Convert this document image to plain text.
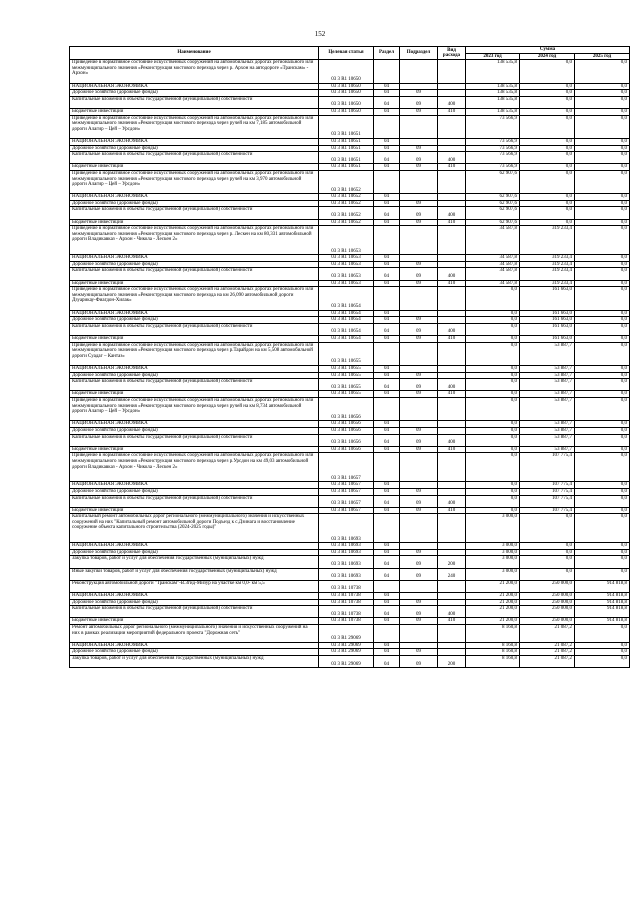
152
Наименование	Целевая статья	Раздел	Подраздел	Вид расхода	Сумма		
					2023 год	2024 год	2025 год
Приведение в нормативное состояние искусственных сооружений на автомобильных дорогах регионального или межмуниципального значения «Реконструкция мостового перехода через р. Архон на автодороге «Транскам» - Архон»	03 3 R1 10650				138 535,8	0,0	0,0
НАЦИОНАЛЬНАЯ ЭКОНОМИКА	03 3 R1 10650	04			138 535,8	0,0	0,0
Дорожное хозяйство (дорожные фонды)	03 3 R1 10650	04	09		138 535,8	0,0	0,0
Капитальные вложения в объекты государственной (муниципальной) собственности	03 3 R1 10650	04	09	400	138 535,8	0,0	0,0
Бюджетные инвестиции	03 3 R1 10650	04	09	410	138 535,8	0,0	0,0
Приведение в нормативное состояние искусственных сооружений на автомобильных дорогах регионального или межмуниципального значения «Реконструкция мостового перехода через ручей на км 7,185 автомобильной дороги Алагир – Цей – Урсдон»	03 3 R1 10651				73 566,9	0,0	0,0
НАЦИОНАЛЬНАЯ ЭКОНОМИКА	03 3 R1 10651	04			73 566,9	0,0	0,0
Дорожное хозяйство (дорожные фонды)	03 3 R1 10651	04	09		73 566,9	0,0	0,0
Капитальные вложения в объекты государственной (муниципальной) собственности	03 3 R1 10651	04	09	400	73 566,9	0,0	0,0
Бюджетные инвестиции	03 3 R1 10651	04	09	410	73 566,9	0,0	0,0
Приведение в нормативное состояние искусственных сооружений на автомобильных дорогах регионального или межмуниципального значения «Реконструкция мостового перехода через ручей на км 3,970 автомобильной дороги Алагир – Цей – Урсдон»	03 3 R1 10652				62 907,6	0,0	0,0
НАЦИОНАЛЬНАЯ ЭКОНОМИКА	03 3 R1 10652	04			62 907,6	0,0	0,0
Дорожное хозяйство (дорожные фонды)	03 3 R1 10652	04	09		62 907,6	0,0	0,0
Капитальные вложения в объекты государственной (муниципальной) собственности	03 3 R1 10652	04	09	400	62 907,6	0,0	0,0
Бюджетные инвестиции	03 3 R1 10652	04	09	410	62 907,6	0,0	0,0
Приведение в нормативное состояние искусственных сооружений на автомобильных дорогах регионального или межмуниципального значения «Реконструкция мостового перехода через р. Лескен на км 80,331 автомобильной дороги Владикавказ - Архон - Чикола - Лескен 2»	03 3 R1 10653				34 587,8	319 233,4	0,0
НАЦИОНАЛЬНАЯ ЭКОНОМИКА	03 3 R1 10653	04			34 587,8	319 233,4	0,0
Дорожное хозяйство (дорожные фонды)	03 3 R1 10653	04	09		34 587,8	319 233,4	0,0
Капитальные вложения в объекты государственной (муниципальной) собственности	03 3 R1 10653	04	09	400	34 587,8	319 233,4	0,0
Бюджетные инвестиции	03 3 R1 10653	04	09	410	34 587,8	319 233,4	0,0
Приведение в нормативное состояние искусственных сооружений на автомобильных дорогах регионального или межмуниципального значения «Реконструкция мостового перехода на км 26,090 автомобильной дороги Дзуарикау-Фиагдон-Хилак»	03 3 R1 10654				0,0	161 663,0	0,0
НАЦИОНАЛЬНАЯ ЭКОНОМИКА	03 3 R1 10654	04			0,0	161 663,0	0,0
Дорожное хозяйство (дорожные фонды)	03 3 R1 10654	04	09		0,0	161 663,0	0,0
Капитальные вложения в объекты государственной (муниципальной) собственности	03 3 R1 10654	04	09	400	0,0	161 663,0	0,0
Бюджетные инвестиции	03 3 R1 10654	04	09	410	0,0	161 663,0	0,0
Приведение в нормативное состояние искусственных сооружений на автомобильных дорогах регионального или межмуниципального значения «Реконструкция мостового перехода через р.Тарайдон на км 5,508 автомобильной дороги Суадаг – Кантаз»	03 3 R1 10655				0,0	53 887,7	0,0
НАЦИОНАЛЬНАЯ ЭКОНОМИКА	03 3 R1 10655	04			0,0	53 887,7	0,0
Дорожное хозяйство (дорожные фонды)	03 3 R1 10655	04	09		0,0	53 887,7	0,0
Капитальные вложения в объекты государственной (муниципальной) собственности	03 3 R1 10655	04	09	400	0,0	53 887,7	0,0
Бюджетные инвестиции	03 3 R1 10655	04	09	410	0,0	53 887,7	0,0
Приведение в нормативное состояние искусственных сооружений на автомобильных дорогах регионального или межмуниципального значения «Реконструкция мостового перехода через ручей на км 8,734 автомобильной дороги Алагир – Цей – Урсдон»	03 3 R1 10656				0,0	53 887,7	0,0
НАЦИОНАЛЬНАЯ ЭКОНОМИКА	03 3 R1 10656	04			0,0	53 887,7	0,0
Дорожное хозяйство (дорожные фонды)	03 3 R1 10656	04	09		0,0	53 887,7	0,0
Капитальные вложения в объекты государственной (муниципальной) собственности	03 3 R1 10656	04	09	400	0,0	53 887,7	0,0
Бюджетные инвестиции	03 3 R1 10656	04	09	410	0,0	53 887,7	0,0
Приведение в нормативное состояние искусственных сооружений на автомобильных дорогах регионального или межмуниципального значения «Реконструкция мостового перехода через р.Урсдон на км 49,03 автомобильной дороги Владикавказ - Архон - Чикола - Лескен 2»	03 3 R1 10657				0,0	107 775,4	0,0
НАЦИОНАЛЬНАЯ ЭКОНОМИКА	03 3 R1 10657	04			0,0	107 775,4	0,0
Дорожное хозяйство (дорожные фонды)	03 3 R1 10657	04	09		0,0	107 775,4	0,0
Капитальные вложения в объекты государственной (муниципальной) собственности	03 3 R1 10657	04	09	400	0,0	107 775,4	0,0
Бюджетные инвестиции	03 3 R1 10657	04	09	410	0,0	107 775,4	0,0
Капитальный ремонт автомобильных дорог регионального (межмуниципального) значения и искусственных сооружений на них "Капитальный ремонт автомобильной дороги Подъезд к с.Дзинага и восстановление сооружение объекта капитального строительства (2024-2025 годы)"	03 3 R1 10693				3 000,0	0,0	0,0
НАЦИОНАЛЬНАЯ ЭКОНОМИКА	03 3 R1 10693	04			3 000,0	0,0	0,0
Дорожное хозяйство (дорожные фонды)	03 3 R1 10693	04	09		3 000,0	0,0	0,0
Закупка товаров, работ и услуг для обеспечения государственных (муниципальных) нужд	03 3 R1 10693	04	09	200	3 000,0	0,0	0,0
Иные закупки товаров, работ и услуг для обеспечения государственных (муниципальных) нужд	03 3 R1 10693	04	09	240	3 000,0	0,0	0,0
Реконструкция автомобильной дороги "Транскам"-В.Згид-Мизур на участке км 0,0- км 5,5	03 3 R1 10738				21 200,0	250 000,0	914 818,8
НАЦИОНАЛЬНАЯ ЭКОНОМИКА	03 3 R1 10738	04			21 200,0	250 000,0	914 818,8
Дорожное хозяйство (дорожные фонды)	03 3 R1 10738	04	09		21 200,0	250 000,0	914 818,8
Капитальные вложения в объекты государственной (муниципальной) собственности	03 3 R1 10738	04	09	400	21 200,0	250 000,0	914 818,8
Бюджетные инвестиции	03 3 R1 10738	04	09	410	21 200,0	250 000,0	914 818,8
Ремонт автомобильных дорог регионального (межмуниципального) значения и искусственных сооружений на них в рамках реализации мероприятий федерального проекта "Дорожная сеть"	03 3 R1 29069				8 160,8	21 087,2	0,0
НАЦИОНАЛЬНАЯ ЭКОНОМИКА	03 3 R1 29069	04			8 160,8	21 087,2	0,0
Дорожное хозяйство (дорожные фонды)	03 3 R1 29069	04	09		8 160,8	21 087,2	0,0
Закупка товаров, работ и услуг для обеспечения государственных (муниципальных) нужд	03 3 R1 29069	04	09	200	8 160,8	21 087,2	0,0
